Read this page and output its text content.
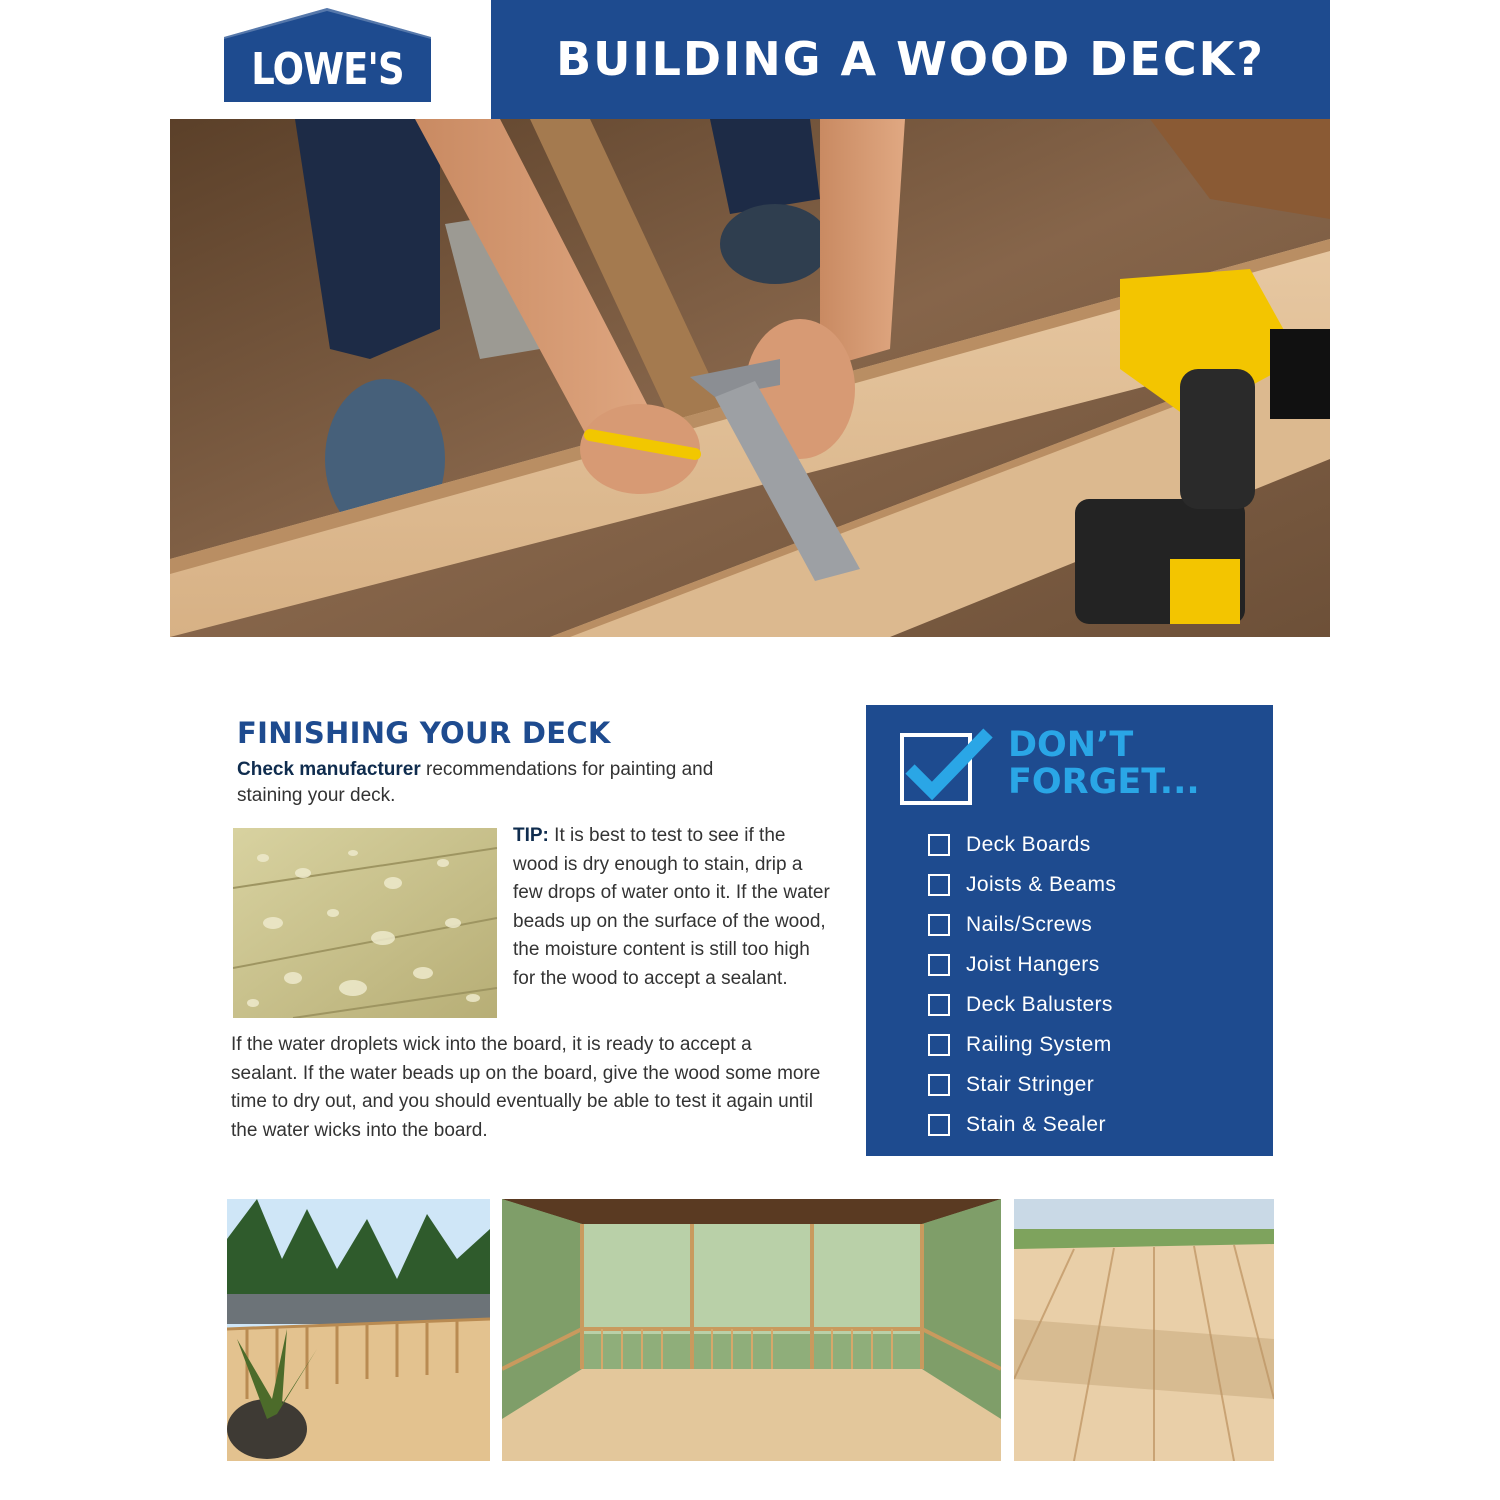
LOWE'S	BUILDING A WOOD DECK?
FINISHING YOUR DECK
Check manufacturer recommendations for painting and staining your deck.
TIP: It is best to test to see if the wood is dry enough to stain, drip a few drops of water onto it. If the water beads up on the surface of the wood, the moisture content is still too high for the wood to accept a sealant.
If the water droplets wick into the board, it is ready to accept a sealant. If the water beads up on the board, give the wood some more time to dry out, and you should eventually be able to test it again until the water wicks into the board.
DON’T
FORGET...
Deck Boards
Joists & Beams
Nails/Screws
Joist Hangers
Deck Balusters
Railing System
Stair Stringer
Stain & Sealer
